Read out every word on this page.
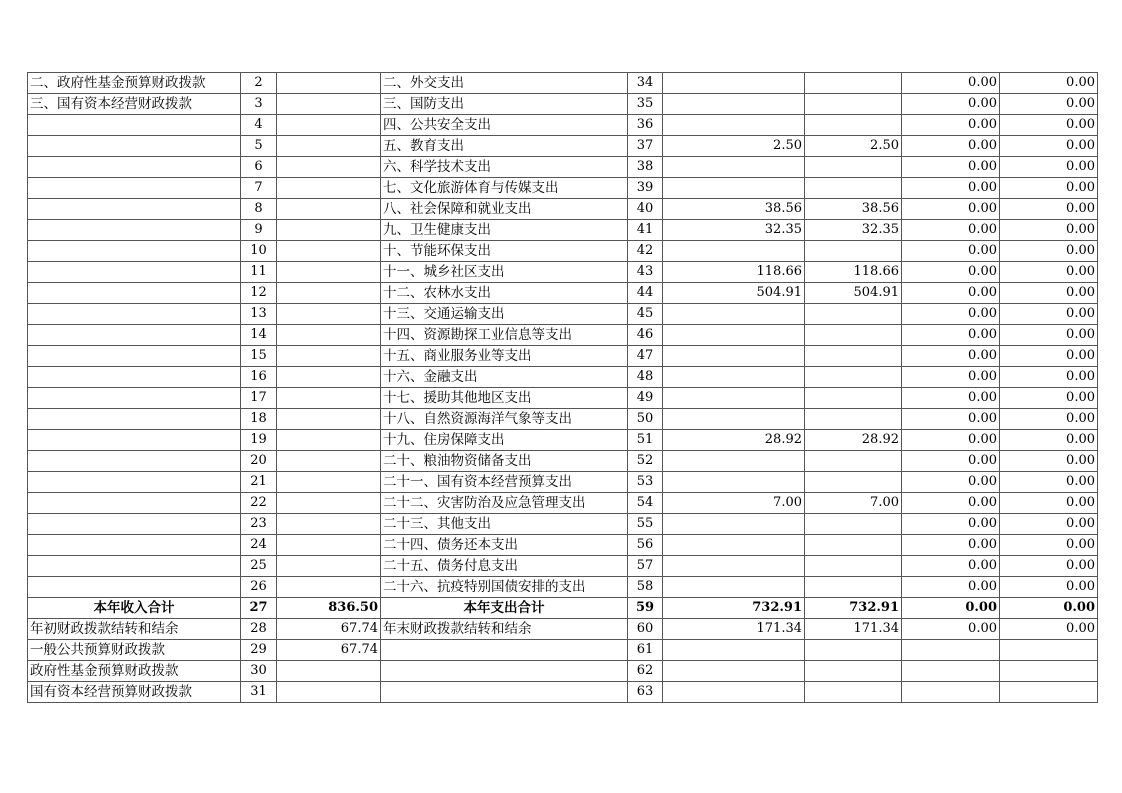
二、政府性基金预算财政拨款	2		二、外交支出	34			0.00	0.00
三、国有资本经营财政拨款	3		三、国防支出	35			0.00	0.00
	4		四、公共安全支出	36			0.00	0.00
	5		五、教育支出	37	2.50	2.50	0.00	0.00
	6		六、科学技术支出	38			0.00	0.00
	7		七、文化旅游体育与传媒支出	39			0.00	0.00
	8		八、社会保障和就业支出	40	38.56	38.56	0.00	0.00
	9		九、卫生健康支出	41	32.35	32.35	0.00	0.00
	10		十、节能环保支出	42			0.00	0.00
	11		十一、城乡社区支出	43	118.66	118.66	0.00	0.00
	12		十二、农林水支出	44	504.91	504.91	0.00	0.00
	13		十三、交通运输支出	45			0.00	0.00
	14		十四、资源勘探工业信息等支出	46			0.00	0.00
	15		十五、商业服务业等支出	47			0.00	0.00
	16		十六、金融支出	48			0.00	0.00
	17		十七、援助其他地区支出	49			0.00	0.00
	18		十八、自然资源海洋气象等支出	50			0.00	0.00
	19		十九、住房保障支出	51	28.92	28.92	0.00	0.00
	20		二十、粮油物资储备支出	52			0.00	0.00
	21		二十一、国有资本经营预算支出	53			0.00	0.00
	22		二十二、灾害防治及应急管理支出	54	7.00	7.00	0.00	0.00
	23		二十三、其他支出	55			0.00	0.00
	24		二十四、债务还本支出	56			0.00	0.00
	25		二十五、债务付息支出	57			0.00	0.00
	26		二十六、抗疫特别国债安排的支出	58			0.00	0.00
本年收入合计	27	836.50	本年支出合计	59	732.91	732.91	0.00	0.00
年初财政拨款结转和结余	28	67.74	年末财政拨款结转和结余	60	171.34	171.34	0.00	0.00
一般公共预算财政拨款	29	67.74		61				
政府性基金预算财政拨款	30			62				
国有资本经营预算财政拨款	31			63				
